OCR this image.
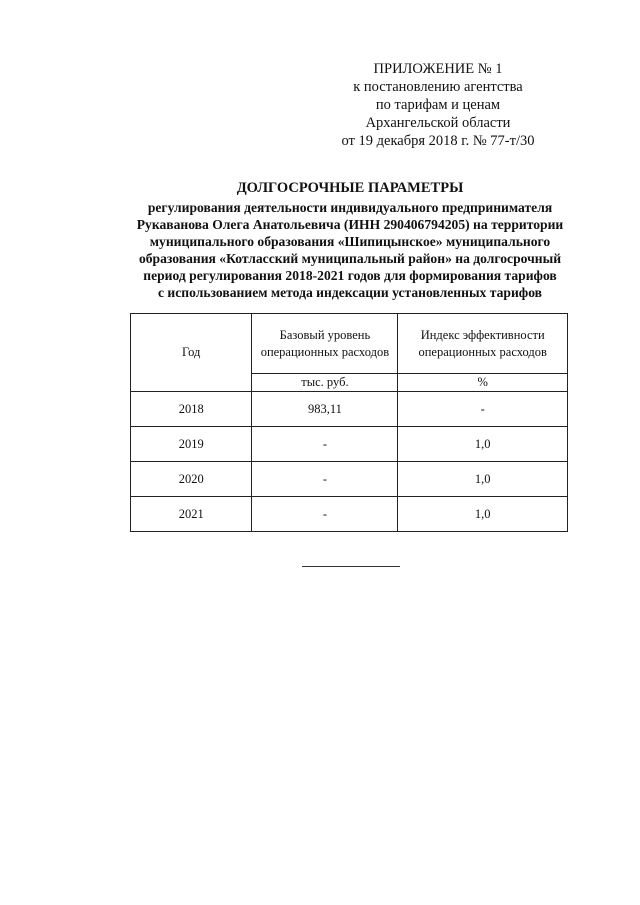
ПРИЛОЖЕНИЕ № 1
к постановлению агентства
по тарифам и ценам
Архангельской области
от 19 декабря 2018 г. № 77-т/30
ДОЛГОСРОЧНЫЕ ПАРАМЕТРЫ
регулирования деятельности индивидуального предпринимателя
Рукаванова Олега Анатольевича (ИНН 290406794205) на территории
муниципального образования «Шипицынское» муниципального
образования «Котласский муниципальный район» на долгосрочный
период регулирования 2018-2021 годов для формирования тарифов
с использованием метода индексации установленных тарифов
Год	Базовый уровень операционных расходов	Индекс эффективности операционных расходов
	тыс. руб.	%
2018	983,11	-
2019	-	1,0
2020	-	1,0
2021	-	1,0
